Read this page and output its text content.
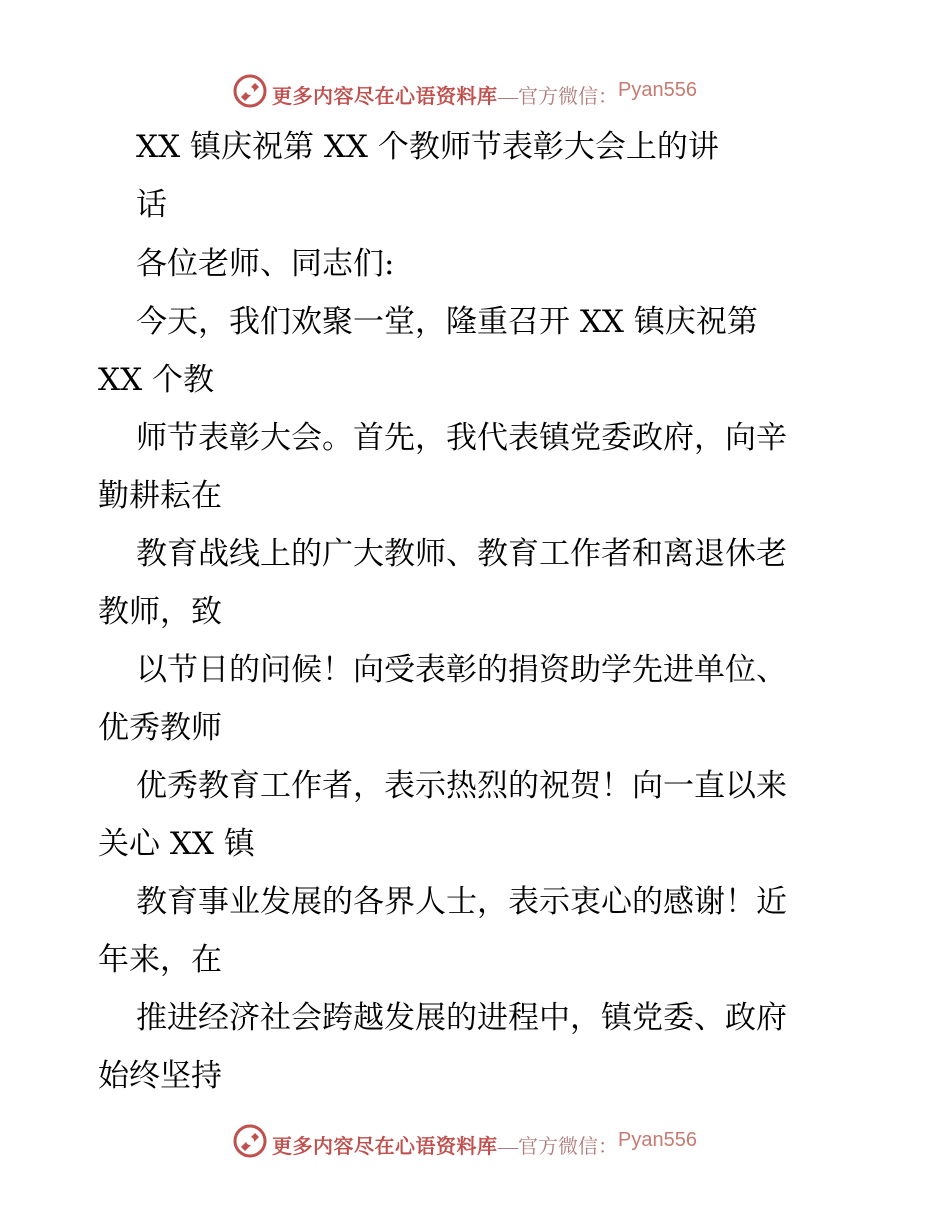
更多内容尽在心语资料库 —官方微信： Pyan556
XX 镇庆祝第 XX 个教师节表彰大会上的讲
话
各位老师、同志们:
今天，我们欢聚一堂，隆重召开 XX 镇庆祝第
XX 个教
师节表彰大会。首先，我代表镇党委政府，向辛
勤耕耘在
教育战线上的广大教师、教育工作者和离退休老
教师，致
以节日的问候！向受表彰的捐资助学先进单位、
优秀教师
优秀教育工作者，表示热烈的祝贺！向一直以来
关心 XX 镇
教育事业发展的各界人士，表示衷心的感谢！近
年来，在
推进经济社会跨越发展的进程中，镇党委、政府
始终坚持
更多内容尽在心语资料库 —官方微信： Pyan556
